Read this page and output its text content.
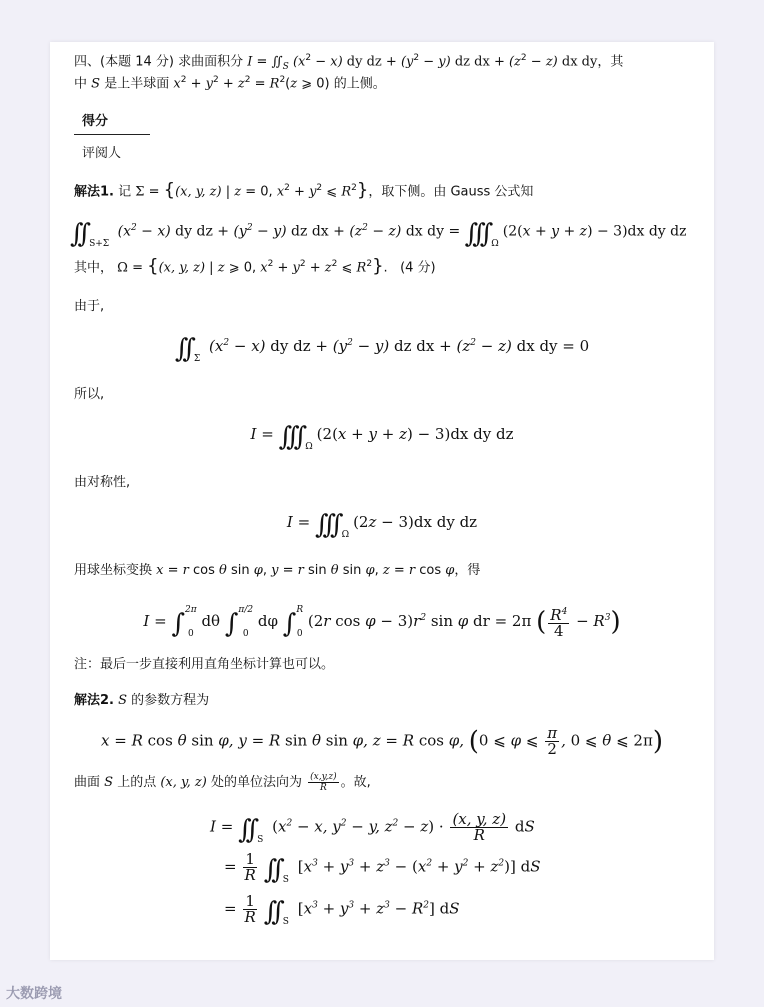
四、(本题 14 分) 求曲面积分 $I = ∬_S$ $(x^2 - x)$ dy dz + $(y^2 - y)$ dz dx + $(z^2 - z)$ dx dy，其
中 S 是上半球面 $x^2 + y^2 + z^2 = R^2(z$ ⩾ 0) 的上侧。
得分
评阅人
解法1. 记 Σ = {(x, y, z) | z = 0, $x^2 + y^2$ ⩽ $R^2$}，取下侧。由 Gauss 公式知
∫∫ $_{S+\Sigma}$ $(x^2 - x)$ dy dz + $(y^2 - y)$ dz dx + $(z^2 - z)$ dx dy = ∫∫∫ $_\Omega$(2(x + y + z) − 3)dx dy dz
其中， Ω = {(x, y, z) | z ⩾ 0, $x^2 + y^2 + z^2$ ⩽ $R^2$}.   (4 分)
由于,
∫∫ $_\Sigma$ $(x^2 - x)$ dy dz + $(y^2 - y)$ dz dx + $(z^2 - z)$ dx dy = 0
所以,
I = ∫∫∫ $_\Omega$(2(x + y + z) − 3)dx dy dz
由对称性,
I = ∫∫∫ $_\Omega$(2z − 3)dx dy dz
用球坐标变换 x = r cos θ sin φ, y = r sin θ sin φ, z = r cos φ，得
I = ∫ 2π
0
dθ ∫ π/2
0
dφ ∫ R
0
(2r $\cos \varphi - 3)r^2$ sin φ dr = 2π ( $\frac{R^4}{4} - R^3$)
注：最后一步直接利用直角坐标计算也可以。
解法2. S 的参数方程为
x = R cos θ sin φ, y = R sin θ sin φ, z = R cos φ, (0 ⩽ φ ⩽ $\frac{\pi}{2}$ , 0 ⩽ θ ⩽ 2π)
曲面 S 上的点 (x, y, z) 处的单位法向为 $\frac{(x,y,z)}{R}$ 。故,
I = ∫∫ $_S$ ($x^2 - x$, $y^2 - y$, $z^2 - z) \cdot \frac{(x, y, z)}{R}$ dS
= $\frac{1}{R}$ ∫∫ $_S$ $[x^3 + y^3 + z^3 - (x^2 + y^2 + z^2)]$ dS
= $\frac{1}{R}$ ∫∫ $_S$ $[x^3 + y^3 + z^3 - R^2]$ dS
大数跨境
